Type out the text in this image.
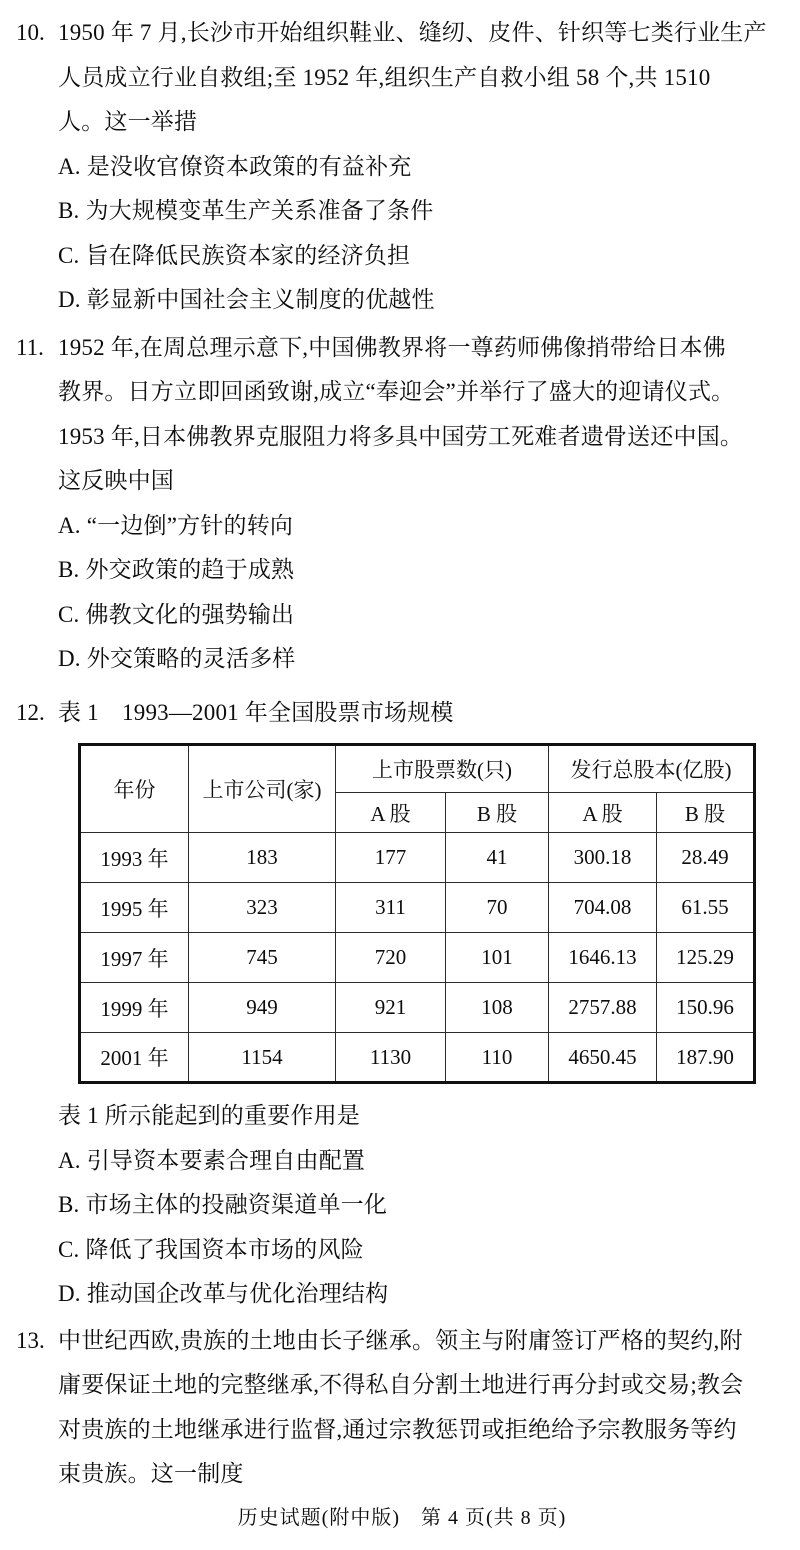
10. 1950 年 7 月,长沙市开始组织鞋业、缝纫、皮件、针织等七类行业生产
人员成立行业自救组;至 1952 年,组织生产自救小组 58 个,共 1510
人。这一举措
A. 是没收官僚资本政策的有益补充
B. 为大规模变革生产关系准备了条件
C. 旨在降低民族资本家的经济负担
D. 彰显新中国社会主义制度的优越性
11. 1952 年,在周总理示意下,中国佛教界将一尊药师佛像捎带给日本佛
教界。日方立即回函致谢,成立“奉迎会”并举行了盛大的迎请仪式。
1953 年,日本佛教界克服阻力将多具中国劳工死难者遗骨送还中国。
这反映中国
A. “一边倒”方针的转向
B. 外交政策的趋于成熟
C. 佛教文化的强势输出
D. 外交策略的灵活多样
12. 表 1　1993—2001 年全国股票市场规模
年份	上市公司(家)	上市股票数(只)		发行总股本(亿股)	
		A 股	B 股	A 股	B 股
1993 年	183	177	41	300.18	28.49
1995 年	323	311	70	704.08	61.55
1997 年	745	720	101	1646.13	125.29
1999 年	949	921	108	2757.88	150.96
2001 年	1154	1130	110	4650.45	187.90
表 1 所示能起到的重要作用是
A. 引导资本要素合理自由配置
B. 市场主体的投融资渠道单一化
C. 降低了我国资本市场的风险
D. 推动国企改革与优化治理结构
13. 中世纪西欧,贵族的土地由长子继承。领主与附庸签订严格的契约,附
庸要保证土地的完整继承,不得私自分割土地进行再分封或交易;教会
对贵族的土地继承进行监督,通过宗教惩罚或拒绝给予宗教服务等约
束贵族。这一制度
历史试题(附中版)　第 4 页(共 8 页)
